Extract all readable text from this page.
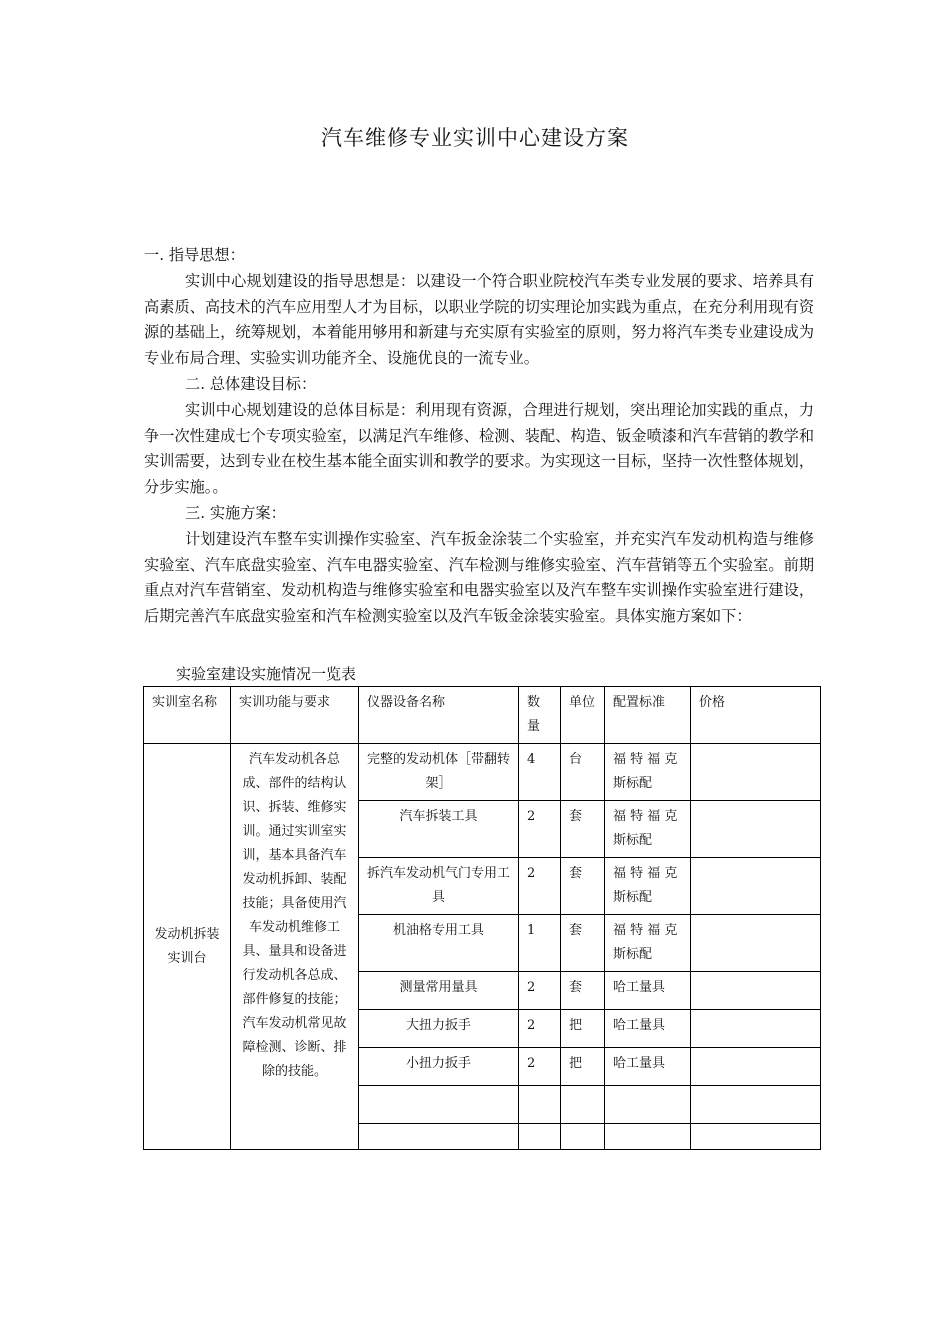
汽车维修专业实训中心建设方案

一. 指导思想：

实训中心规划建设的指导思想是：以建设一个符合职业院校汽车类专业发展的要求、培养具有高素质、高技术的汽车应用型人才为目标，以职业学院的切实理论加实践为重点，在充分利用现有资源的基础上，统筹规划，本着能用够用和新建与充实原有实验室的原则，努力将汽车类专业建设成为专业布局合理、实验实训功能齐全、设施优良的一流专业。

二. 总体建设目标：

实训中心规划建设的总体目标是：利用现有资源，合理进行规划，突出理论加实践的重点，力争一次性建成七个专项实验室，以满足汽车维修、检测、装配、构造、钣金喷漆和汽车营销的教学和实训需要，达到专业在校生基本能全面实训和教学的要求。为实现这一目标，坚持一次性整体规划，分步实施。。

三. 实施方案：

计划建设汽车整车实训操作实验室、汽车扳金涂装二个实验室，并充实汽车发动机构造与维修实验室、汽车底盘实验室、汽车电器实验室、汽车检测与维修实验室、汽车营销等五个实验室。前期重点对汽车营销室、发动机构造与维修实验室和电器实验室以及汽车整车实训操作实验室进行建设，后期完善汽车底盘实验室和汽车检测实验室以及汽车钣金涂装实验室。具体实施方案如下：

实验室建设实施情况一览表
实训室名称	实训功能与要求	仪器设备名称	数量	单位	配置标准	价格
发动机拆装实训台	汽车发动机各总成、部件的结构认识、拆装、维修实训。通过实训室实训，基本具备汽车发动机拆卸、装配技能；具备使用汽车发动机维修工具、量具和设备进行发动机各总成、部件修复的技能；汽车发动机常见故障检测、诊断、排除的技能。	完整的发动机体［带翻转架］	4	台	福 特 福 克斯标配	
		汽车拆装工具	2	套	福 特 福 克斯标配	
		拆汽车发动机气门专用工具	2	套	福 特 福 克斯标配	
		机油格专用工具	1	套	福 特 福 克斯标配	
		测量常用量具	2	套	哈工量具	
		大扭力扳手	2	把	哈工量具	
		小扭力扳手	2	把	哈工量具	
